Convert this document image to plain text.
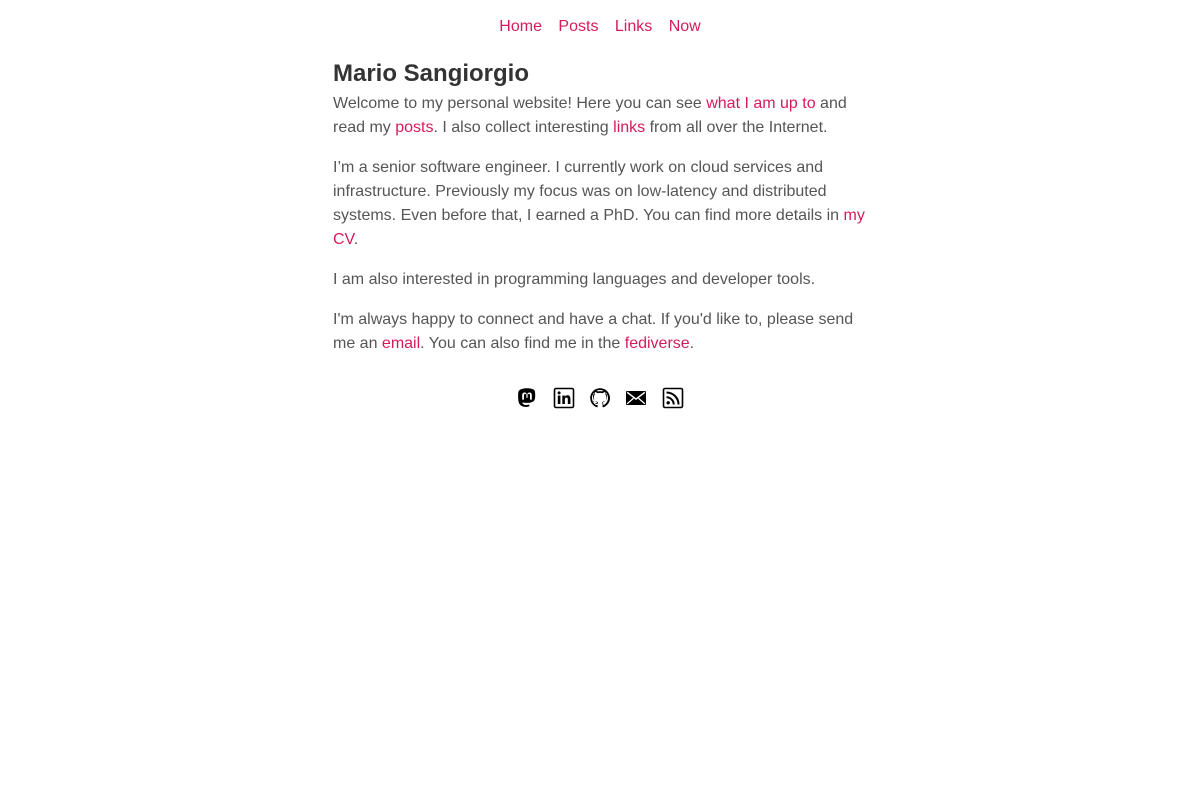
Home Posts Links Now
Mario Sangiorgio

Welcome to my personal website! Here you can see what I am up to and read my posts. I also collect interesting links from all over the Internet.

I’m a senior software engineer. I currently work on cloud services and infrastructure. Previously my focus was on low-latency and distributed systems. Even before that, I earned a PhD. You can find more details in my CV.

I am also interested in programming languages and developer tools.

I'm always happy to connect and have a chat. If you'd like to, please send me an email. You can also find me in the fediverse.
